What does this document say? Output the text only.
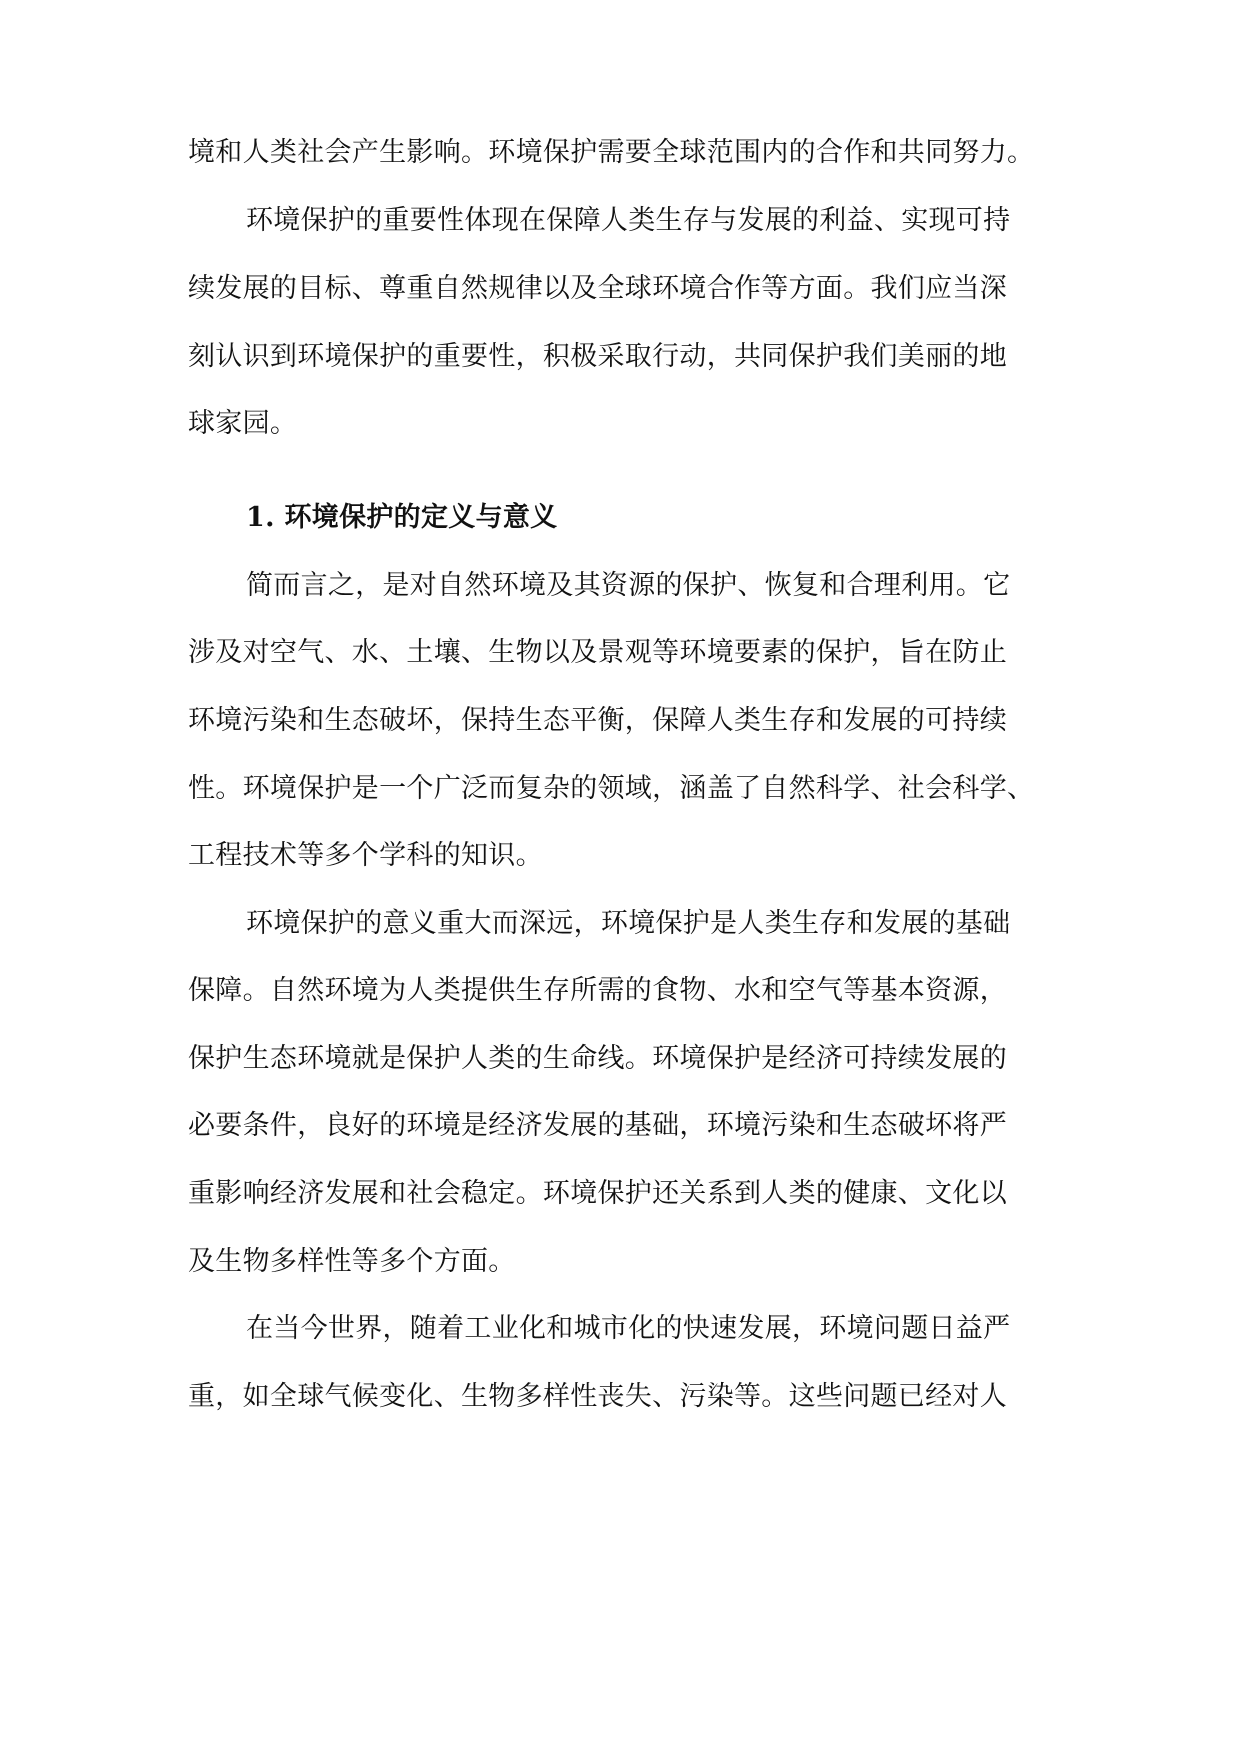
境和人类社会产生影响。环境保护需要全球范围内的合作和共同努力。
环境保护的重要性体现在保障人类生存与发展的利益、实现可持
续发展的目标、尊重自然规律以及全球环境合作等方面。我们应当深
刻认识到环境保护的重要性，积极采取行动，共同保护我们美丽的地
球家园。
1. 环境保护的定义与意义
简而言之，是对自然环境及其资源的保护、恢复和合理利用。它
涉及对空气、水、土壤、生物以及景观等环境要素的保护，旨在防止
环境污染和生态破坏，保持生态平衡，保障人类生存和发展的可持续
性。环境保护是一个广泛而复杂的领域，涵盖了自然科学、社会科学、
工程技术等多个学科的知识。
环境保护的意义重大而深远，环境保护是人类生存和发展的基础
保障。自然环境为人类提供生存所需的食物、水和空气等基本资源，
保护生态环境就是保护人类的生命线。环境保护是经济可持续发展的
必要条件，良好的环境是经济发展的基础，环境污染和生态破坏将严
重影响经济发展和社会稳定。环境保护还关系到人类的健康、文化以
及生物多样性等多个方面。
在当今世界，随着工业化和城市化的快速发展，环境问题日益严
重，如全球气候变化、生物多样性丧失、污染等。这些问题已经对人
